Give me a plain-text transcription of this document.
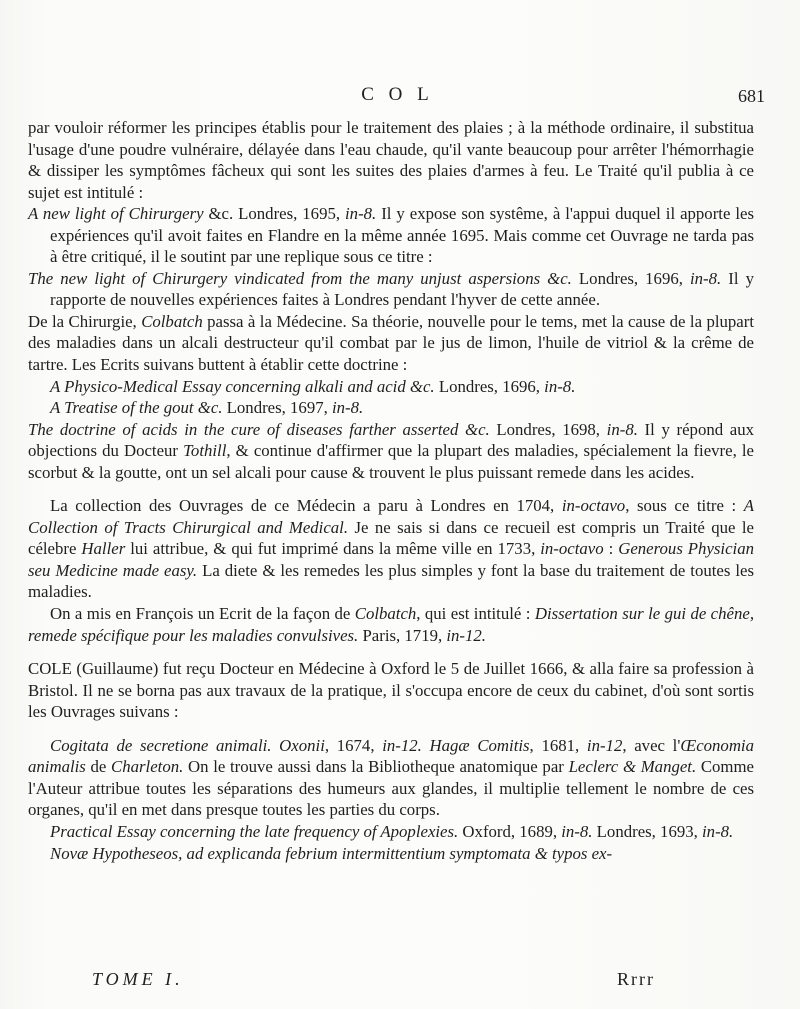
C O L	681

par vouloir réformer les principes établis pour le traitement des plaies ; à la méthode ordinaire, il substitua l'usage d'une poudre vulnéraire, délayée dans l'eau chaude, qu'il vante beaucoup pour arrêter l'hémorrhagie & dissiper les symptômes fâcheux qui sont les suites des plaies d'armes à feu. Le Traité qu'il publia à ce sujet est intitulé :

A new light of Chirurgery &c. Londres, 1695, in-8. Il y expose son systême, à l'appui duquel il apporte les expériences qu'il avoit faites en Flandre en la même année 1695. Mais comme cet Ouvrage ne tarda pas à être critiqué, il le soutint par une replique sous ce titre :

The new light of Chirurgery vindicated from the many unjust aspersions &c. Londres, 1696, in-8. Il y rapporte de nouvelles expériences faites à Londres pendant l'hyver de cette année.

De la Chirurgie, Colbatch passa à la Médecine. Sa théorie, nouvelle pour le tems, met la cause de la plupart des maladies dans un alcali destructeur qu'il combat par le jus de limon, l'huile de vitriol & la crême de tartre. Les Ecrits suivans buttent à établir cette doctrine :

A Physico-Medical Essay concerning alkali and acid &c. Londres, 1696, in-8.

A Treatise of the gout &c. Londres, 1697, in-8.

The doctrine of acids in the cure of diseases farther asserted &c. Londres, 1698, in-8. Il y répond aux objections du Docteur Tothill, & continue d'affirmer que la plupart des maladies, spécialement la fievre, le scorbut & la goutte, ont un sel alcali pour cause & trouvent le plus puissant remede dans les acides.

La collection des Ouvrages de ce Médecin a paru à Londres en 1704, in-octavo, sous ce titre : A Collection of Tracts Chirurgical and Medical. Je ne sais si dans ce recueil est compris un Traité que le célebre Haller lui attribue, & qui fut imprimé dans la même ville en 1733, in-octavo : Generous Physician seu Medicine made easy. La diete & les remedes les plus simples y font la base du traitement de toutes les maladies.

On a mis en François un Ecrit de la façon de Colbatch, qui est intitulé : Dissertation sur le gui de chêne, remede spécifique pour les maladies convulsives. Paris, 1719, in-12.

COLE (Guillaume) fut reçu Docteur en Médecine à Oxford le 5 de Juillet 1666, & alla faire sa profession à Bristol. Il ne se borna pas aux travaux de la pratique, il s'occupa encore de ceux du cabinet, d'où sont sortis les Ouvrages suivans :

Cogitata de secretione animali. Oxonii, 1674, in-12. Hagæ Comitis, 1681, in-12, avec l'Œconomia animalis de Charleton. On le trouve aussi dans la Bibliotheque anatomique par Leclerc & Manget. Comme l'Auteur attribue toutes les séparations des humeurs aux glandes, il multiplie tellement le nombre de ces organes, qu'il en met dans presque toutes les parties du corps.

Practical Essay concerning the late frequency of Apoplexies. Oxford, 1689, in-8. Londres, 1693, in-8.

Novæ Hypotheseos, ad explicanda febrium intermittentium symptomata & typos ex-

TOME I.	Rrrr
